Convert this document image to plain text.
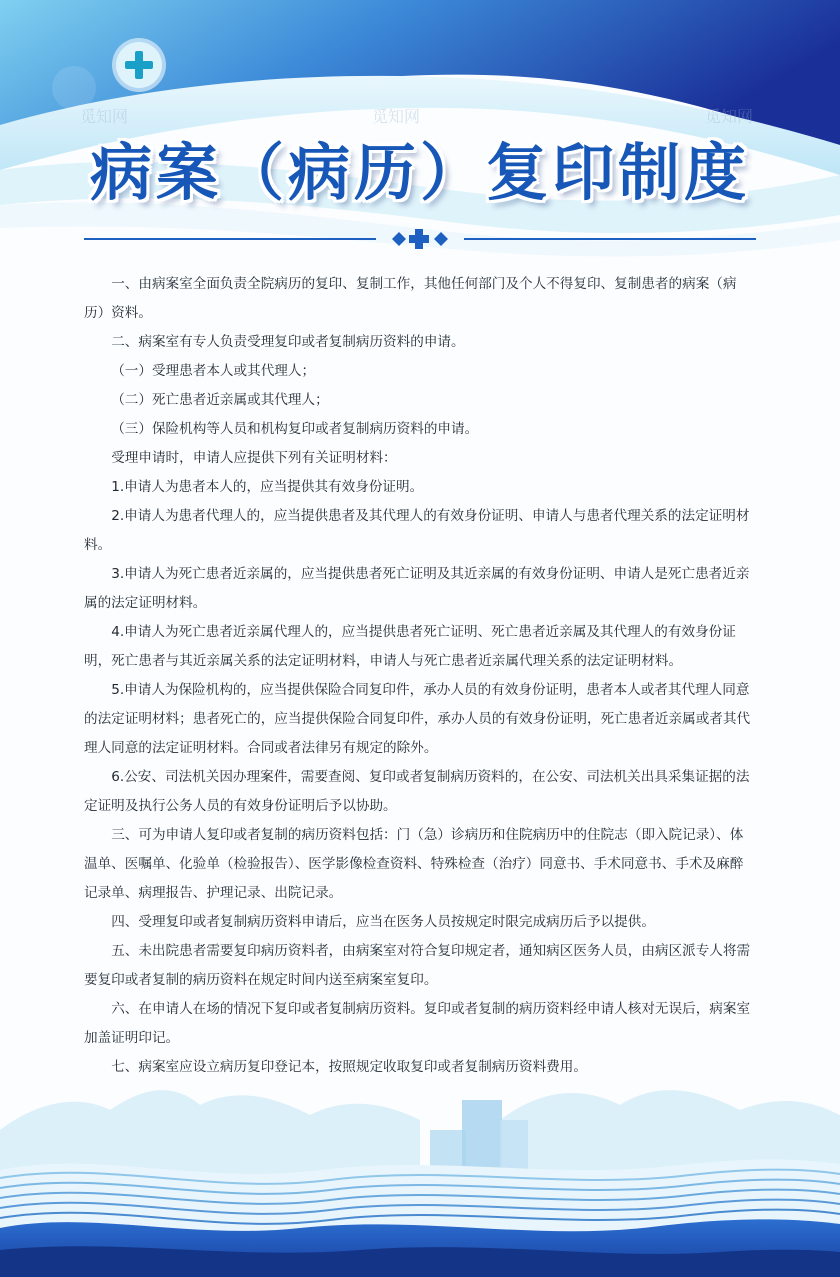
觅知网	觅知网	觅知网
病案（病历）复印制度

一、由病案室全面负责全院病历的复印、复制工作，其他任何部门及个人不得复印、复制患者的病案（病历）资料。

二、病案室有专人负责受理复印或者复制病历资料的申请。

（一）受理患者本人或其代理人；

（二）死亡患者近亲属或其代理人；

（三）保险机构等人员和机构复印或者复制病历资料的申请。

受理申请时，申请人应提供下列有关证明材料：

1.申请人为患者本人的，应当提供其有效身份证明。

2.申请人为患者代理人的，应当提供患者及其代理人的有效身份证明、申请人与患者代理关系的法定证明材料。

3.申请人为死亡患者近亲属的，应当提供患者死亡证明及其近亲属的有效身份证明、申请人是死亡患者近亲属的法定证明材料。

4.申请人为死亡患者近亲属代理人的，应当提供患者死亡证明、死亡患者近亲属及其代理人的有效身份证明，死亡患者与其近亲属关系的法定证明材料，申请人与死亡患者近亲属代理关系的法定证明材料。

5.申请人为保险机构的，应当提供保险合同复印件，承办人员的有效身份证明，患者本人或者其代理人同意的法定证明材料；患者死亡的，应当提供保险合同复印件，承办人员的有效身份证明，死亡患者近亲属或者其代理人同意的法定证明材料。合同或者法律另有规定的除外。

6.公安、司法机关因办理案件，需要查阅、复印或者复制病历资料的，在公安、司法机关出具采集证据的法定证明及执行公务人员的有效身份证明后予以协助。

三、可为申请人复印或者复制的病历资料包括：门（急）诊病历和住院病历中的住院志（即入院记录）、体温单、医嘱单、化验单（检验报告）、医学影像检查资料、特殊检查（治疗）同意书、手术同意书、手术及麻醉记录单、病理报告、护理记录、出院记录。

四、受理复印或者复制病历资料申请后，应当在医务人员按规定时限完成病历后予以提供。

五、未出院患者需要复印病历资料者，由病案室对符合复印规定者，通知病区医务人员，由病区派专人将需要复印或者复制的病历资料在规定时间内送至病案室复印。

六、在申请人在场的情况下复印或者复制病历资料。复印或者复制的病历资料经申请人核对无误后，病案室加盖证明印记。

七、病案室应设立病历复印登记本，按照规定收取复印或者复制病历资料费用。
